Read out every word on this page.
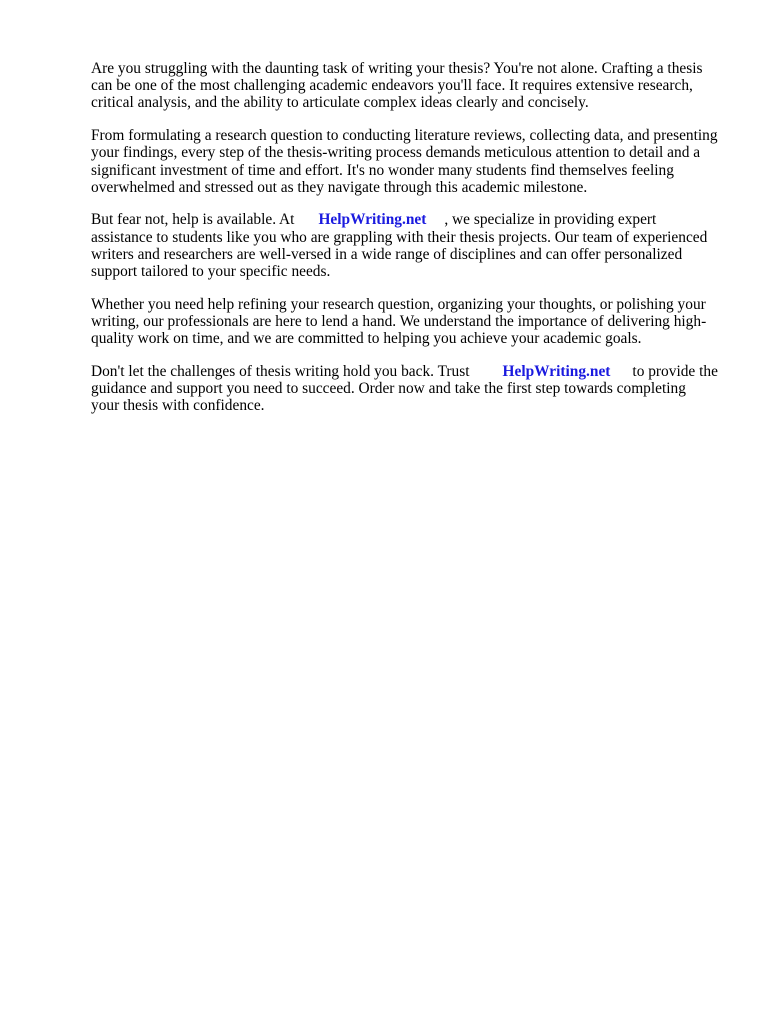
Are you struggling with the daunting task of writing your thesis? You're not alone. Crafting a thesis
can be one of the most challenging academic endeavors you'll face. It requires extensive research,
critical analysis, and the ability to articulate complex ideas clearly and concisely.

From formulating a research question to conducting literature reviews, collecting data, and presenting
your findings, every step of the thesis-writing process demands meticulous attention to detail and a
significant investment of time and effort. It's no wonder many students find themselves feeling
overwhelmed and stressed out as they navigate through this academic milestone.

But fear not, help is available. At HelpWriting.net , we specialize in providing expert
assistance to students like you who are grappling with their thesis projects. Our team of experienced
writers and researchers are well-versed in a wide range of disciplines and can offer personalized
support tailored to your specific needs.

Whether you need help refining your research question, organizing your thoughts, or polishing your
writing, our professionals are here to lend a hand. We understand the importance of delivering high-
quality work on time, and we are committed to helping you achieve your academic goals.

Don't let the challenges of thesis writing hold you back. Trust HelpWriting.net to provide the
guidance and support you need to succeed. Order now and take the first step towards completing
your thesis with confidence.
